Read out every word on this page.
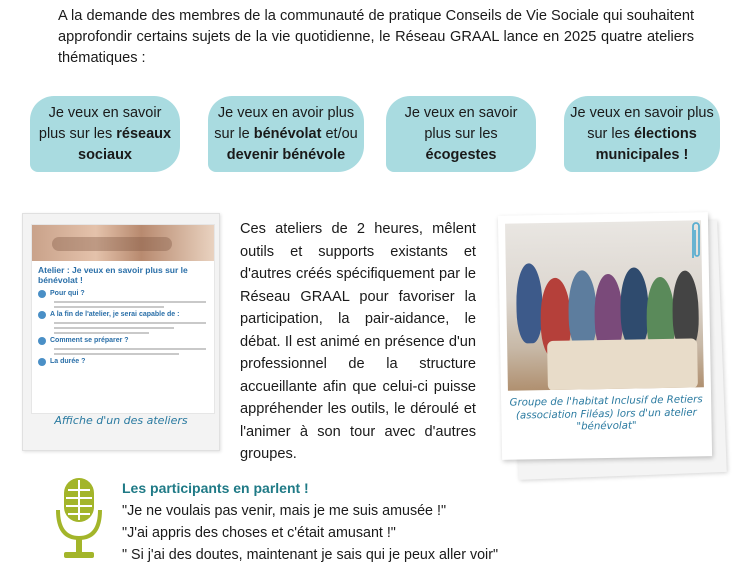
A la demande des membres de la communauté de pratique Conseils de Vie Sociale qui souhaitent approfondir certains sujets de la vie quotidienne, le Réseau GRAAL lance en 2025 quatre ateliers thématiques :
Je veux en savoir plus sur les réseaux sociaux
Je veux en avoir plus sur le bénévolat et/ou devenir bénévole
Je veux en savoir plus sur les écogestes
Je veux en savoir plus sur les élections municipales !
Atelier : Je veux en savoir plus sur le bénévolat !
Pour qui ?
A la fin de l'atelier, je serai capable de :
Comment se préparer ?
La durée ?
Affiche d'un des ateliers
Ces ateliers de 2 heures, mêlent outils et supports existants et d'autres créés spécifiquement par le Réseau GRAAL pour favoriser la participation, la pair-aidance, le débat. Il est animé en présence d'un professionnel de la structure accueillante afin que celui-ci puisse appréhender les outils, le déroulé et l'animer à son tour avec d'autres groupes.
Groupe de l'habitat Inclusif de Retiers (association Filéas) lors d'un atelier "bénévolat"
Les participants en parlent !
"Je ne voulais pas venir, mais je me suis amusée !"
"J'ai appris des choses et c'était amusant !"
" Si j'ai des doutes, maintenant je sais qui je peux aller voir"
